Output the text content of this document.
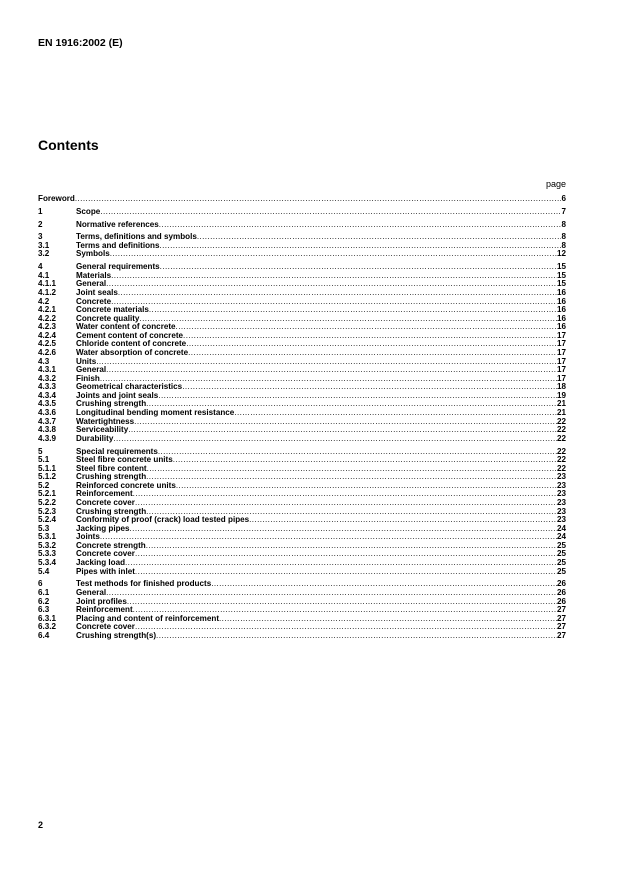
EN 1916:2002 (E)
Contents
page
Foreword .....	6
1	Scope .....	7
2	Normative references .....	8
3	Terms, definitions and symbols .....	8
3.1	Terms and definitions .....	8
3.2	Symbols .....	12
4	General requirements .....	15
4.1	Materials .....	15
4.1.1	General .....	15
4.1.2	Joint seals .....	16
4.2	Concrete .....	16
4.2.1	Concrete materials .....	16
4.2.2	Concrete quality .....	16
4.2.3	Water content of concrete .....	16
4.2.4	Cement content of concrete .....	17
4.2.5	Chloride content of concrete .....	17
4.2.6	Water absorption of concrete .....	17
4.3	Units .....	17
4.3.1	General .....	17
4.3.2	Finish .....	17
4.3.3	Geometrical characteristics .....	18
4.3.4	Joints and joint seals .....	19
4.3.5	Crushing strength .....	21
4.3.6	Longitudinal bending moment resistance .....	21
4.3.7	Watertightness .....	22
4.3.8	Serviceability .....	22
4.3.9	Durability .....	22
5	Special requirements .....	22
5.1	Steel fibre concrete units .....	22
5.1.1	Steel fibre content .....	22
5.1.2	Crushing strength .....	23
5.2	Reinforced concrete units .....	23
5.2.1	Reinforcement .....	23
5.2.2	Concrete cover .....	23
5.2.3	Crushing strength .....	23
5.2.4	Conformity of proof (crack) load tested pipes .....	23
5.3	Jacking pipes .....	24
5.3.1	Joints .....	24
5.3.2	Concrete strength .....	25
5.3.3	Concrete cover .....	25
5.3.4	Jacking load .....	25
5.4	Pipes with inlet .....	25
6	Test methods for finished products .....	26
6.1	General .....	26
6.2	Joint profiles .....	26
6.3	Reinforcement .....	27
6.3.1	Placing and content of reinforcement .....	27
6.3.2	Concrete cover .....	27
6.4	Crushing strength(s) .....	27
2
